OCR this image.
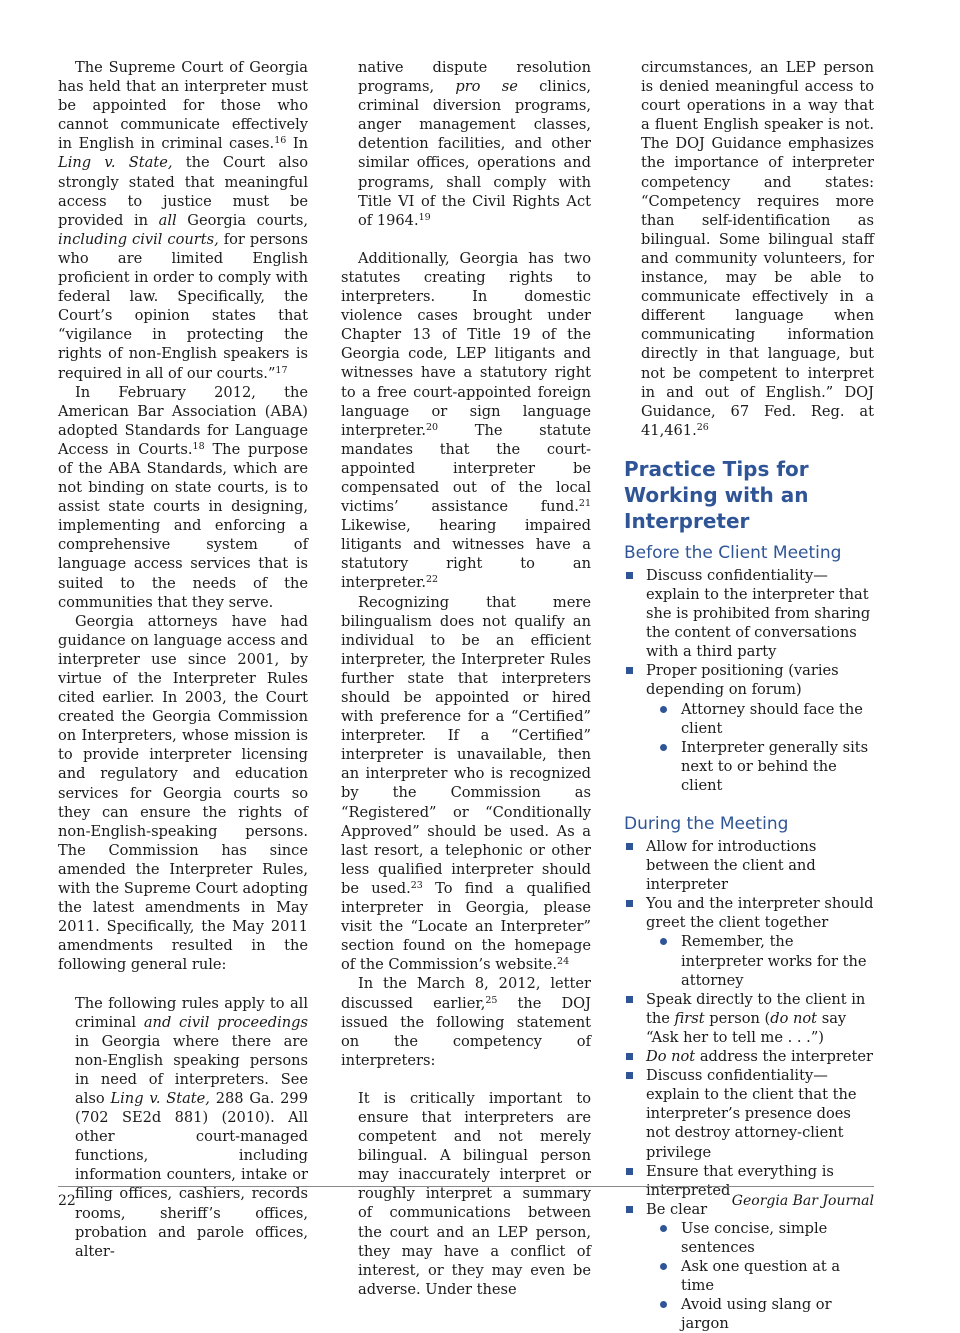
The Supreme Court of Georgia has held that an interpreter must be appointed for those who cannot communicate effectively in English in criminal cases.$^{16}$ In Ling v. State, the Court also strongly stated that meaningful access to justice must be provided in all Georgia courts, including civil courts, for persons who are limited English proficient in order to comply with federal law. Specifically, the Court’s opinion states that “vigilance in protecting the rights of non-English speakers is required in all of our courts.”$^{17}$

In February 2012, the American Bar Association (ABA) adopted Standards for Language Access in Courts.$^{18}$ The purpose of the ABA Standards, which are not binding on state courts, is to assist state courts in designing, implementing and enforcing a comprehensive system of language access services that is suited to the needs of the communities that they serve.

Georgia attorneys have had guidance on language access and interpreter use since 2001, by virtue of the Interpreter Rules cited earlier. In 2003, the Court created the Georgia Commission on Interpreters, whose mission is to provide interpreter licensing and regulatory and education services for Georgia courts so they can ensure the rights of non-English-speaking persons. The Commission has since amended the Interpreter Rules, with the Supreme Court adopting the latest amendments in May 2011. Specifically, the May 2011 amendments resulted in the following general rule:

The following rules apply to all criminal and civil proceedings in Georgia where there are non-English speaking persons in need of interpreters. See also Ling v. State, 288 Ga. 299 (702 SE2d 881) (2010). All other court-managed functions, including information counters, intake or filing offices, cashiers, records rooms, sheriff’s offices, probation and parole offices, alter-

native dispute resolution programs, pro se clinics, criminal diversion programs, anger management classes, detention facilities, and other similar offices, operations and programs, shall comply with Title VI of the Civil Rights Act of 1964.19

Additionally, Georgia has two statutes creating rights to interpreters. In domestic violence cases brought under Chapter 13 of Title 19 of the Georgia code, LEP litigants and witnesses have a statutory right to a free court-appointed foreign language or sign language interpreter.$^{20}$ The statute mandates that the court-appointed interpreter be compensated out of the local victims’ assistance fund.$^{21}$ Likewise, hearing impaired litigants and witnesses have a statutory right to an interpreter.$^{22}$

Recognizing that mere bilingualism does not qualify an individual to be an efficient interpreter, the Interpreter Rules further state that interpreters should be appointed or hired with preference for a “Certified” interpreter. If a “Certified” interpreter is unavailable, then an interpreter who is recognized by the Commission as “Registered” or “Conditionally Approved” should be used. As a last resort, a telephonic or other less qualified interpreter should be used.$^{23}$ To find a qualified interpreter in Georgia, please visit the “Locate an Interpreter” section found on the homepage of the Commission’s website.$^{24}$

In the March 8, 2012, letter discussed earlier,$^{25}$ the DOJ issued the following statement on the competency of interpreters:

It is critically important to ensure that interpreters are competent and not merely bilingual. A bilingual person may inaccurately interpret or roughly interpret a summary of communications between the court and an LEP person, they may have a conflict of interest, or they may even be adverse. Under these

circumstances, an LEP person is denied meaningful access to court operations in a way that a fluent English speaker is not. The DOJ Guidance emphasizes the importance of interpreter competency and states: “Competency requires more than self-identification as bilingual. Some bilingual staff and community volunteers, for instance, may be able to communicate effectively in a different language when communicating information directly in that language, but not be competent to interpret in and out of English.” DOJ Guidance, 67 Fed. Reg. at 41,461.26

Practice Tips for Working with an Interpreter
Before the Client Meeting
Discuss confidentiality—explain to the interpreter that she is prohibited from sharing the content of conversations with a third party
Proper positioning (varies depending on forum)
Attorney should face the client
Interpreter generally sits next to or behind the client
During the Meeting
Allow for introductions between the client and interpreter
You and the interpreter should greet the client together
Remember, the interpreter works for the attorney
Speak directly to the client in the first person (do not say “Ask her to tell me . . .”)
Do not address the interpreter
Discuss confidentiality—explain to the client that the interpreter’s presence does not destroy attorney-client privilege
Ensure that everything is interpreted
Be clear
Use concise, simple sentences
Ask one question at a time
Avoid using slang or jargon
22	Georgia Bar Journal
